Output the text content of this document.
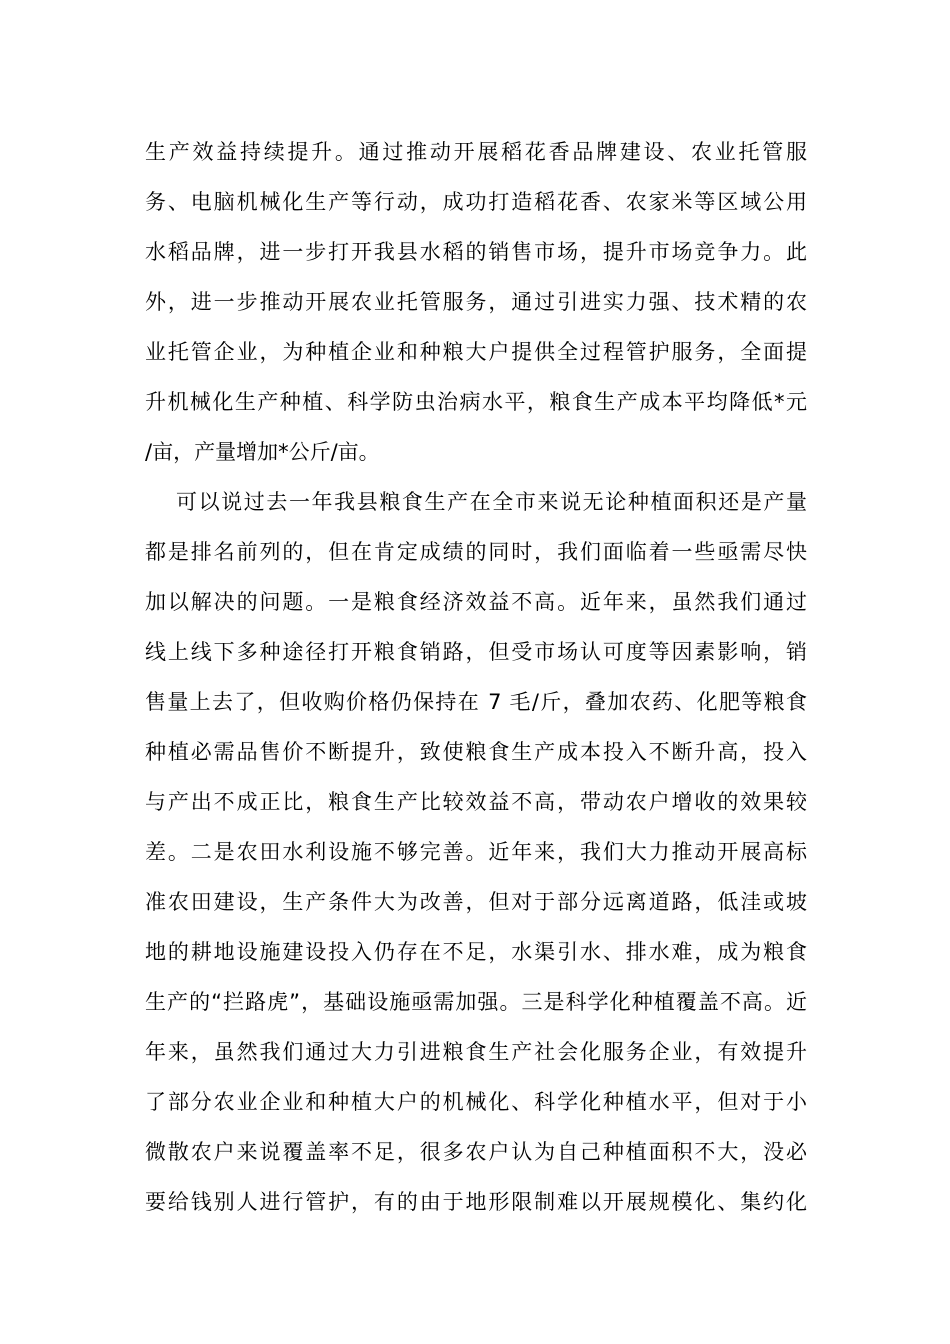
生产效益持续提升。通过推动开展稻花香品牌建设、农业托管服
务、电脑机械化生产等行动，成功打造稻花香、农家米等区域公用
水稻品牌，进一步打开我县水稻的销售市场，提升市场竞争力。此
外，进一步推动开展农业托管服务，通过引进实力强、技术精的农
业托管企业，为种植企业和种粮大户提供全过程管护服务，全面提
升机械化生产种植、科学防虫治病水平，粮食生产成本平均降低*元
/亩，产量增加*公斤/亩。
可以说过去一年我县粮食生产在全市来说无论种植面积还是产量
都是排名前列的，但在肯定成绩的同时，我们面临着一些亟需尽快
加以解决的问题。一是粮食经济效益不高。近年来，虽然我们通过
线上线下多种途径打开粮食销路，但受市场认可度等因素影响，销
售量上去了，但收购价格仍保持在 7 毛/斤，叠加农药、化肥等粮食
种植必需品售价不断提升，致使粮食生产成本投入不断升高，投入
与产出不成正比，粮食生产比较效益不高，带动农户增收的效果较
差。二是农田水利设施不够完善。近年来，我们大力推动开展高标
准农田建设，生产条件大为改善，但对于部分远离道路，低洼或坡
地的耕地设施建设投入仍存在不足，水渠引水、排水难，成为粮食
生产的“拦路虎”，基础设施亟需加强。三是科学化种植覆盖不高。近
年来，虽然我们通过大力引进粮食生产社会化服务企业，有效提升
了部分农业企业和种植大户的机械化、科学化种植水平，但对于小
微散农户来说覆盖率不足，很多农户认为自己种植面积不大，没必
要给钱别人进行管护，有的由于地形限制难以开展规模化、集约化
